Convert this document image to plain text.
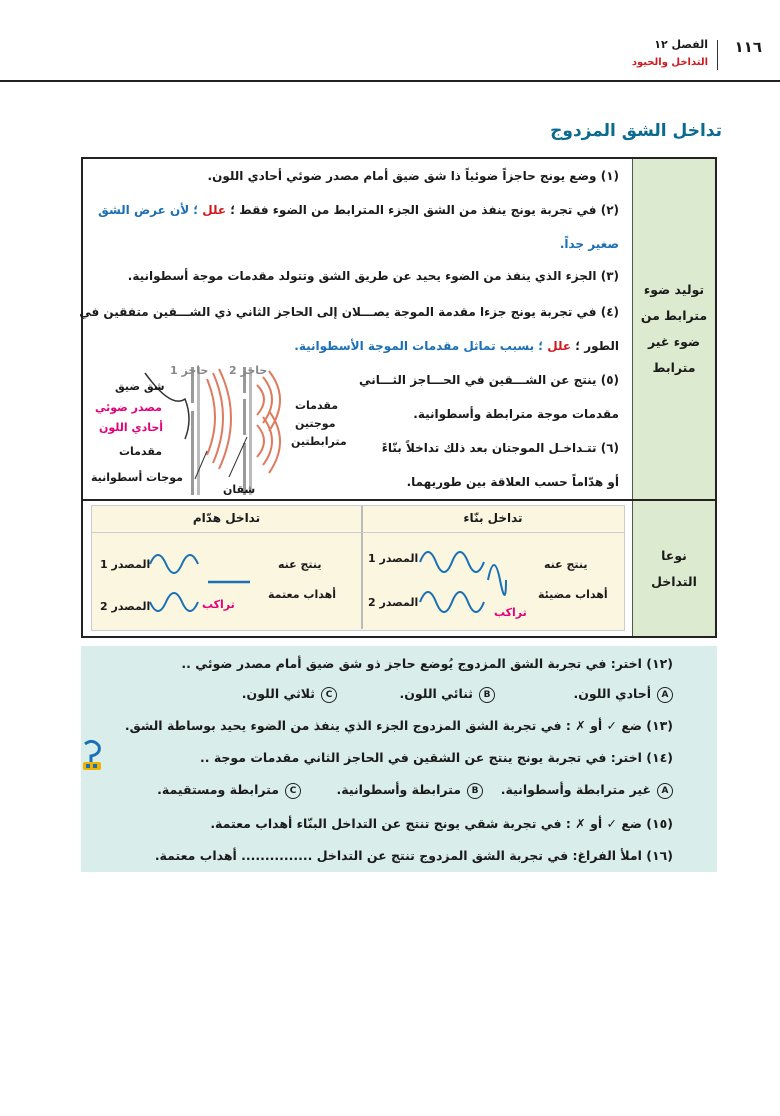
١١٦
الفصل ١٢
التداخل والحيود
تداخل الشق المزدوج
توليد ضوء مترابط من ضوء غير مترابط
(١) وضع يونج حاجزاً ضوئياً ذا شق ضيق أمام مصدر ضوئي أحادي اللون.
(٢) في تجربة يونج ينفذ من الشق الجزء المترابط من الضوء فقط ؛ علل ؛ لأن عرض الشق
صغير جداً.
(٣) الجزء الذي ينفذ من الضوء يحيد عن طريق الشق وتتولد مقدمات موجة أسطوانية.
(٤) في تجربة يونج جزءا مقدمة الموجة يصـــلان إلى الحاجز الثاني ذي الشـــقين متفقين في
الطور ؛ علل ؛ بسبب تماثل مقدمات الموجة الأسطوانية.
(٥) ينتج عن الشـــقين في الحـــاجز الثـــاني
مقدمات موجة مترابطة وأسطوانية.
(٦) تتـداخـل الموجتان بعد ذلك تداخلاً بنّاءً
أو هدّاماً حسب العلاقة بين طوريهما.
حاجز 1 حاجز 2
شق ضيق
مصدر ضوئي
أحادي اللون
مقدمات
موجات أسطوانية
شقان
مقدمات
موجتين
مترابطتين
نوعا
التداخل
تداخل بنّاء
تداخل هدّام
ينتج عنه
أهداب مضيئة
المصدر 1
المصدر 2
تراكب
ينتج عنه
أهداب معتمة
المصدر 1
المصدر 2	تراكب
(١٢) اختر: في تجربة الشق المزدوج يُوضع حاجز ذو شق ضيق أمام مصدر ضوئي ..
Aأحادي اللون.
Bثنائي اللون.
Cثلاثي اللون.
(١٣) ضع ✓ أو ✗ : في تجربة الشق المزدوج الجزء الذي ينفذ من الضوء يحيد بوساطة الشق.
(١٤) اختر: في تجربة يونج ينتج عن الشقين في الحاجز الثاني مقدمات موجة ..
Aغير مترابطة وأسطوانية.
Bمترابطة وأسطوانية.
Cمترابطة ومستقيمة.
(١٥) ضع ✓ أو ✗ : في تجربة شقي يونج تنتج عن التداخل البنّاء أهداب معتمة.
(١٦) املأ الفراغ: في تجربة الشق المزدوج تنتج عن التداخل ............... أهداب معتمة.
